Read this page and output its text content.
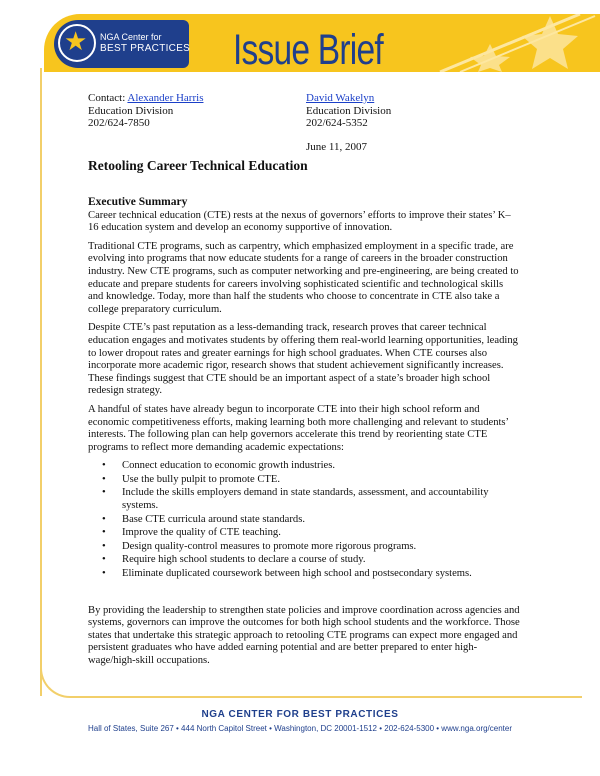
★ NGA Center for
BEST PRACTICES Issue Brief
Contact: Alexander Harris
Education Division
202/624-7850
David Wakelyn
Education Division
202/624-5352
June 11, 2007
Retooling Career Technical Education
Executive Summary

Career technical education (CTE) rests at the nexus of governors’ efforts to improve their states’ K–16 education system and develop an economy supportive of innovation.

Traditional CTE programs, such as carpentry, which emphasized employment in a specific trade, are evolving into programs that now educate students for a range of careers in the broader construction industry. New CTE programs, such as computer networking and pre-engineering, are being created to educate and prepare students for careers involving sophisticated scientific and technological skills and knowledge. Today, more than half the students who choose to concentrate in CTE also take a college preparatory curriculum.

Despite CTE’s past reputation as a less-demanding track, research proves that career technical education engages and motivates students by offering them real-world learning opportunities, leading to lower dropout rates and greater earnings for high school graduates. When CTE courses also incorporate more academic rigor, research shows that student achievement significantly increases. These findings suggest that CTE should be an important aspect of a state’s broader high school redesign strategy.

A handful of states have already begun to incorporate CTE into their high school reform and economic competitiveness efforts, making learning both more challenging and relevant to students’ interests. The following plan can help governors accelerate this trend by reorienting state CTE programs to reflect more demanding academic expectations:

• Connect education to economic growth industries.
• Use the bully pulpit to promote CTE.
• Include the skills employers demand in state standards, assessment, and accountability systems.
• Base CTE curricula around state standards.
• Improve the quality of CTE teaching.
• Design quality-control measures to promote more rigorous programs.
• Require high school students to declare a course of study.
• Eliminate duplicated coursework between high school and postsecondary systems.

By providing the leadership to strengthen state policies and improve coordination across agencies and systems, governors can improve the outcomes for both high school students and the workforce. Those states that undertake this strategic approach to retooling CTE programs can expect more engaged and persistent graduates who have added earning potential and are better prepared to enter high-wage/high-skill occupations.

NGA CENTER FOR BEST PRACTICES
Hall of States, Suite 267 • 444 North Capitol Street • Washington, DC 20001-1512 • 202-624-5300 • www.nga.org/center
